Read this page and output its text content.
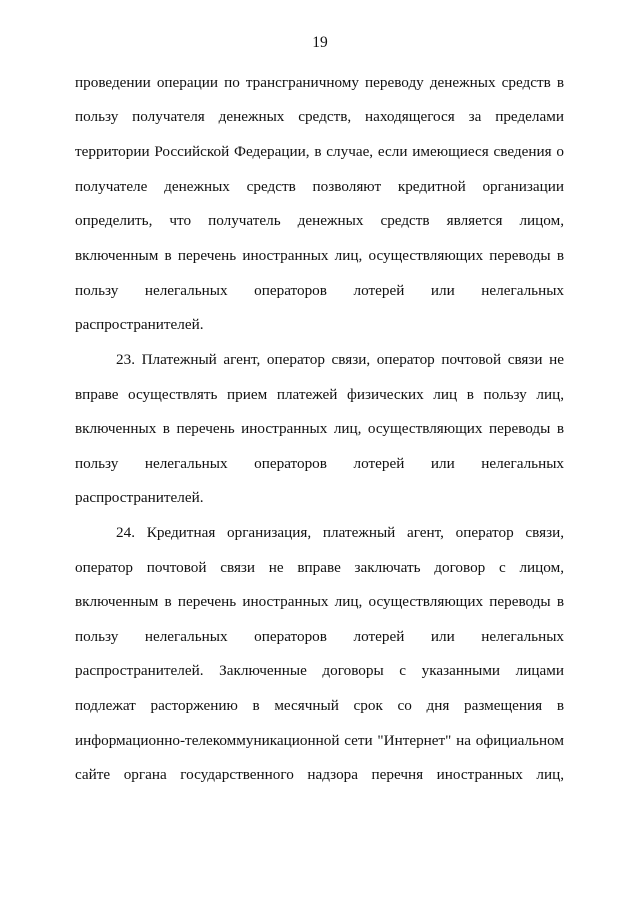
19
проведении операции по трансграничному переводу денежных средств в
пользу получателя денежных средств, находящегося за пределами
территории Российской Федерации, в случае, если имеющиеся сведения о
получателе денежных средств позволяют кредитной организации
определить, что получатель денежных средств является лицом,
включенным в перечень иностранных лиц, осуществляющих переводы в
пользу нелегальных операторов лотерей или нелегальных
распространителей.
23. Платежный агент, оператор связи, оператор почтовой связи не
вправе осуществлять прием платежей физических лиц в пользу лиц,
включенных в перечень иностранных лиц, осуществляющих переводы в
пользу нелегальных операторов лотерей или нелегальных
распространителей.
24. Кредитная организация, платежный агент, оператор связи,
оператор почтовой связи не вправе заключать договор с лицом,
включенным в перечень иностранных лиц, осуществляющих переводы в
пользу нелегальных операторов лотерей или нелегальных
распространителей. Заключенные договоры с указанными лицами
подлежат расторжению в месячный срок со дня размещения в
информационно-телекоммуникационной сети "Интернет" на официальном
сайте органа государственного надзора перечня иностранных лиц,
